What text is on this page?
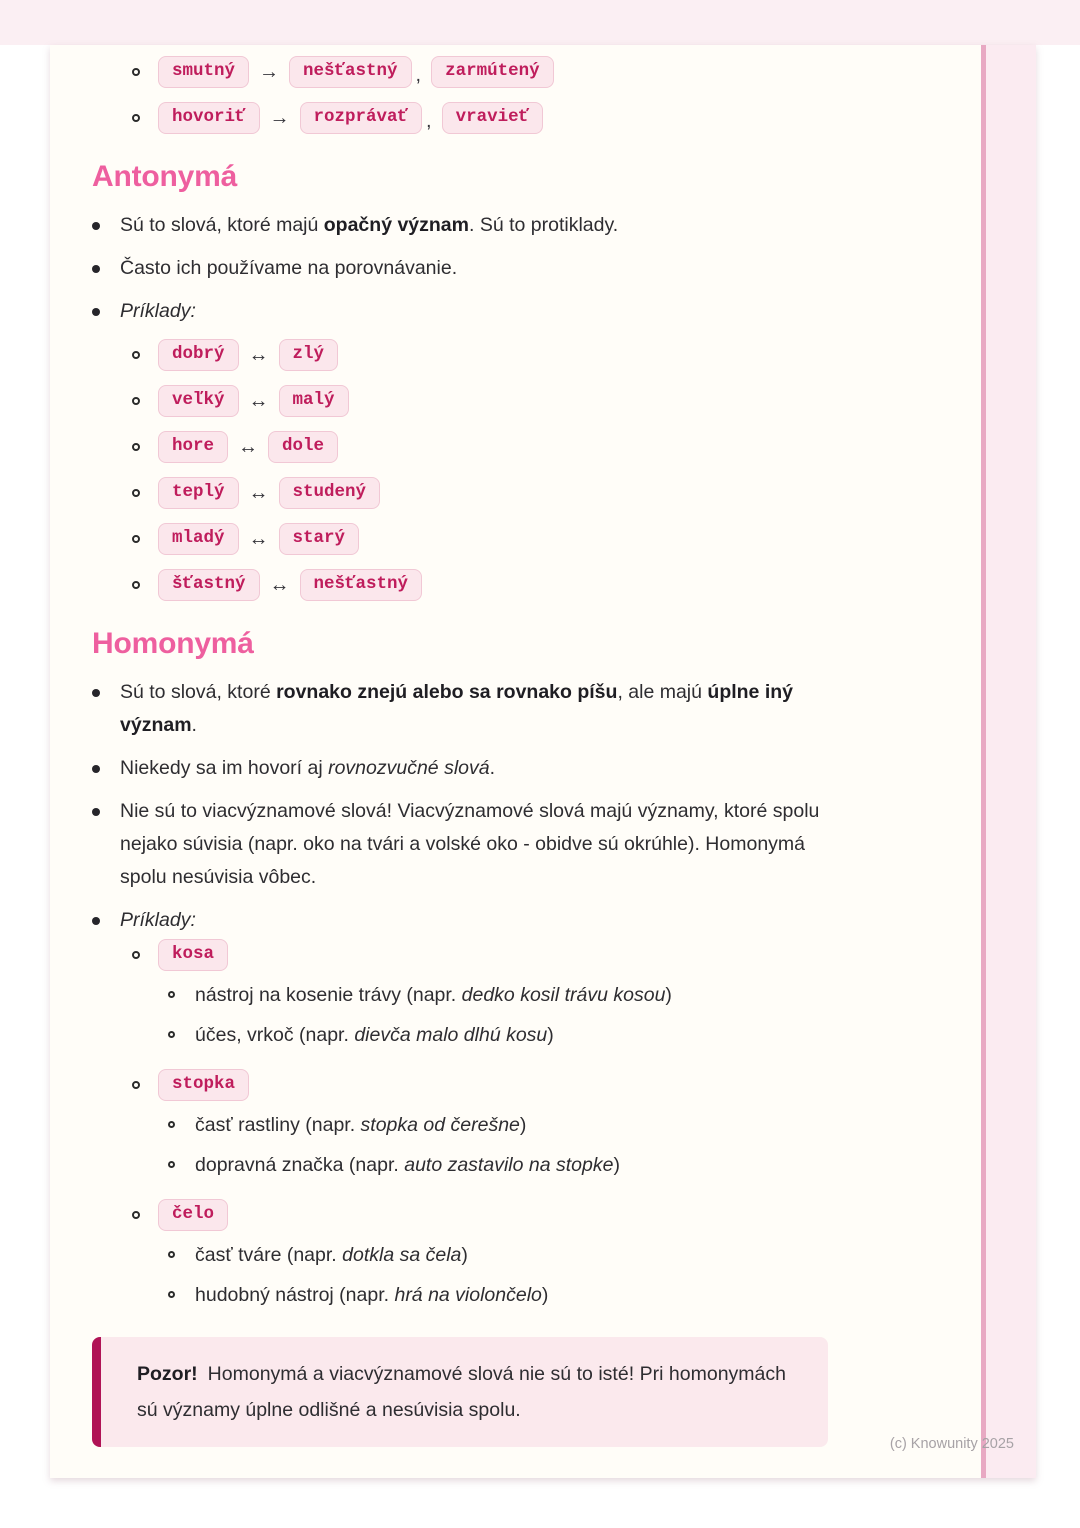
smutný	→	nešťastný ,	zarmútený
hovoriť	→	rozprávať ,	vravieť
Antonymá
Sú to slová, ktoré majú opačný význam. Sú to protiklady.
Často ich používame na porovnávanie.
Príklady:
dobrý	↔	zlý
veľký	↔	malý
hore	↔	dole
teplý	↔	studený
mladý	↔	starý
šťastný	↔	nešťastný
Homonymá
Sú to slová, ktoré rovnako znejú alebo sa rovnako píšu, ale majú úplne iný význam.
Niekedy sa im hovorí aj rovnozvučné slová.
Nie sú to viacvýznamové slová! Viacvýznamové slová majú významy, ktoré spolu nejako súvisia (napr. oko na tvári a volské oko - obidve sú okrúhle). Homonymá spolu nesúvisia vôbec.
Príklady:
kosa
nástroj na kosenie trávy (napr. dedko kosil trávu kosou)
účes, vrkoč (napr. dievča malo dlhú kosu)
stopka
časť rastliny (napr. stopka od čerešne)
dopravná značka (napr. auto zastavilo na stopke)
čelo
časť tváre (napr. dotkla sa čela)
hudobný nástroj (napr. hrá na violončelo)
Pozor! Homonymá a viacvýznamové slová nie sú to isté! Pri homonymách sú významy úplne odlišné a nesúvisia spolu.
(c) Knowunity 2025
